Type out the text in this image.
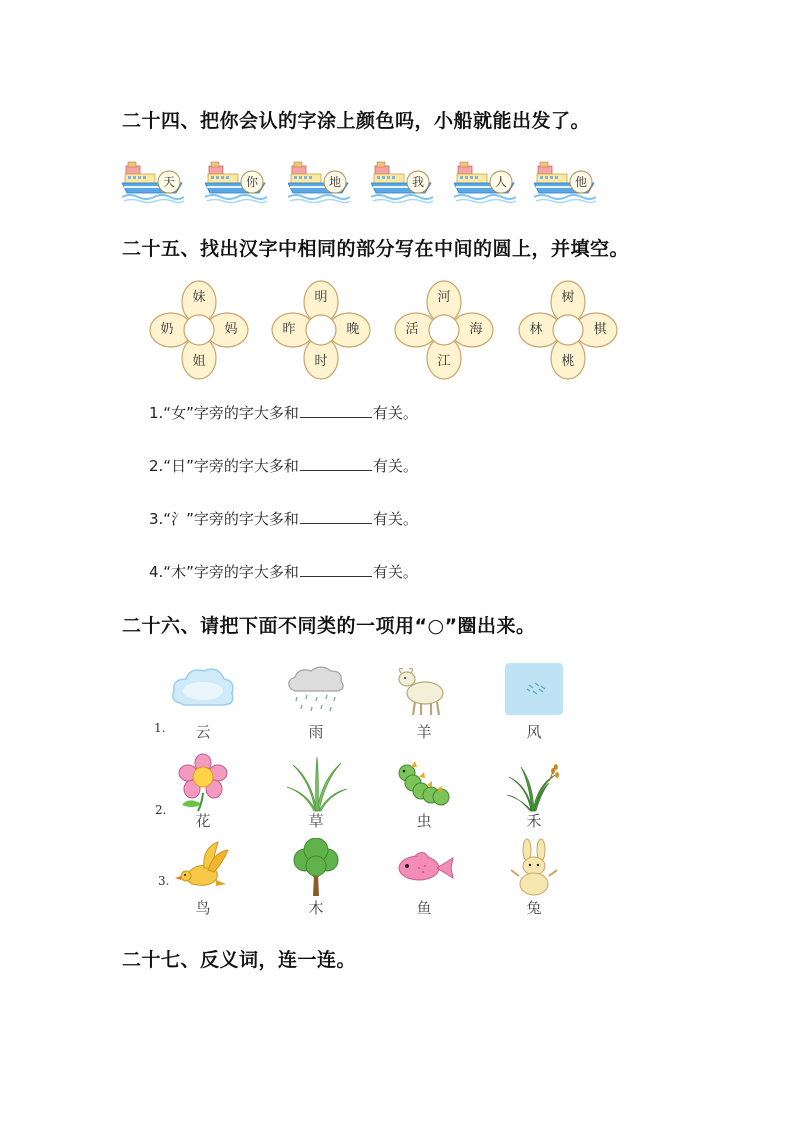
二十四、把你会认的字涂上颜色吗，小船就能出发了。
天	你	地	我	人	他
二十五、找出汉字中相同的部分写在中间的圆上，并填空。
妹
姐
奶	妈
明
时
昨	晚
河
江
活	海
树
桃
林	棋
1.“女”字旁的字大多和	有关。
2.“日”字旁的字大多和	有关。
3.“氵”字旁的字大多和	有关。
4.“木”字旁的字大多和	有关。
二十六、请把下面不同类的一项用“○”圈出来。
1.	云	雨	羊	风
2.
花	草	虫	禾
3.
鸟	木	鱼	兔
二十七、反义词，连一连。
